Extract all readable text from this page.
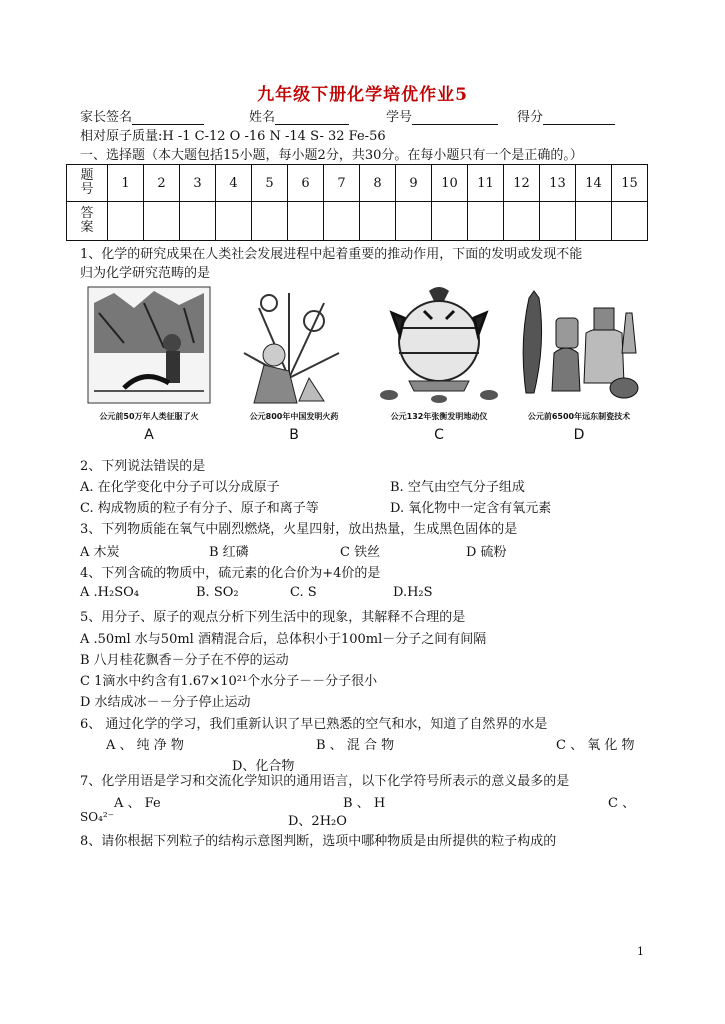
九年级下册化学培优作业5
家长签名	姓名	学号	得分
相对原子质量:H -1 C-12 O -16 N -14 S- 32 Fe-56
一、选择题（本大题包括15小题，每小题2分，共30分。在每小题只有一个是正确的。）
题号	1	2	3	4	5	6	7	8	9	10	11	12	13	14	15
答案															
1、化学的研究成果在人类社会发展进程中起着重要的推动作用，下面的发明或发现不能
归为化学研究范畴的是
公元前50万年人类征服了火
A
公元800年中国发明火药
B
公元132年张衡发明地动仪
C
公元前6500年远东制瓷技术
D
2、下列说法错误的是
A. 在化学变化中分子可以分成原子	B. 空气由空气分子组成
C. 构成物质的粒子有分子、原子和离子等	D. 氧化物中一定含有氧元素
3、下列物质能在氧气中剧烈燃烧，火星四射，放出热量，生成黑色固体的是
A 木炭	B 红磷	C 铁丝	D 硫粉
4、下列含硫的物质中，硫元素的化合价为+4价的是
A .H₂SO₄	B. SO₂	C. S	D.H₂S
5、用分子、原子的观点分析下列生活中的现象，其解释不合理的是
A .50ml 水与50ml 酒精混合后，总体积小于100ml－分子之间有间隔
B 八月桂花飘香－分子在不停的运动
C 1滴水中约含有1.67×10²¹个水分子－－分子很小
D 水结成冰－－分子停止运动
6、 通过化学的学习，我们重新认识了早已熟悉的空气和水，知道了自然界的水是
A 、 纯 净 物	B 、 混 合 物	C 、 氧 化 物
D、化合物
7、化学用语是学习和交流化学知识的通用语言，以下化学符号所表示的意义最多的是
A 、 Fe	B 、 H	C 、
SO₄²⁻	D、2H₂O
8、请你根据下列粒子的结构示意图判断，选项中哪种物质是由所提供的粒子构成的
1
